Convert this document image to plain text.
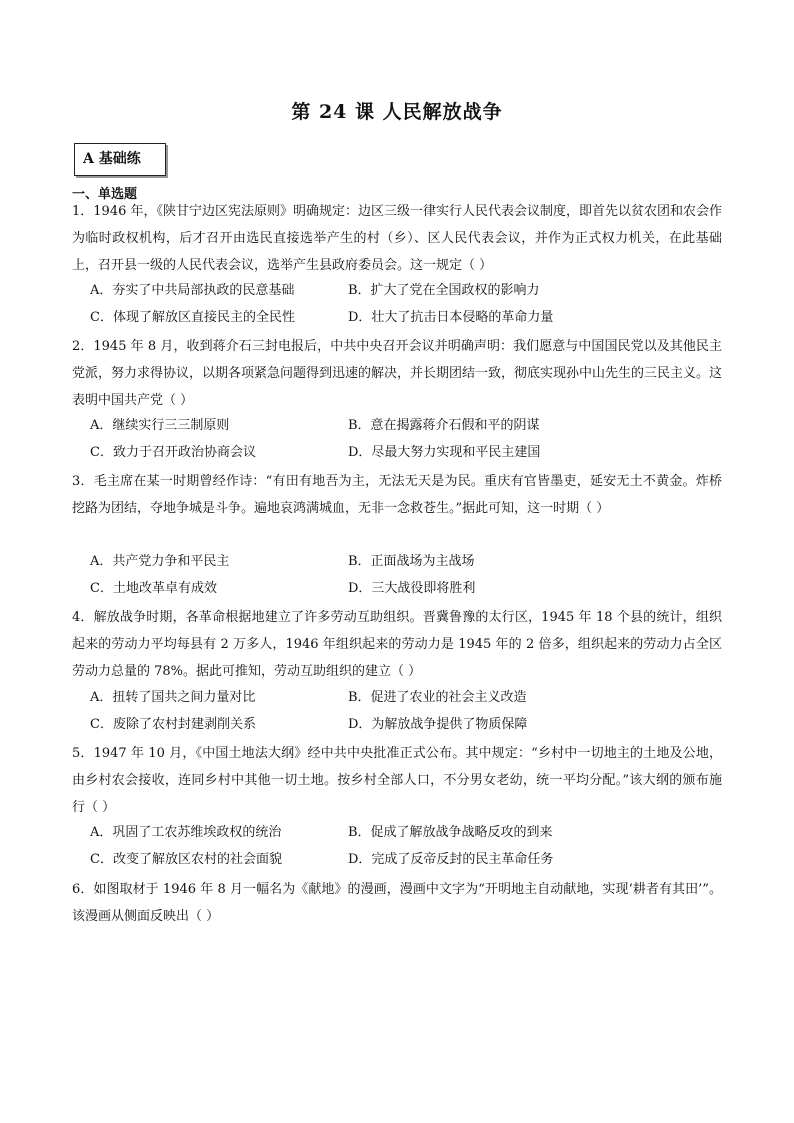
第 24 课 人民解放战争
A 基础练
一、单选题
1．1946 年，《陕甘宁边区宪法原则》明确规定：边区三级一律实行人民代表会议制度，即首先以贫农团和农会作为临时政权机构，后才召开由选民直接选举产生的村（乡）、区人民代表会议，并作为正式权力机关，在此基础上，召开县一级的人民代表会议，选举产生县政府委员会。这一规定（ ）
A．夯实了中共局部执政的民意基础	B．扩大了党在全国政权的影响力
C．体现了解放区直接民主的全民性	D．壮大了抗击日本侵略的革命力量
2．1945 年 8 月，收到蒋介石三封电报后，中共中央召开会议并明确声明：我们愿意与中国国民党以及其他民主党派，努力求得协议，以期各项紧急问题得到迅速的解决，并长期团结一致，彻底实现孙中山先生的三民主义。这表明中国共产党（ ）
A．继续实行三三制原则	B．意在揭露蒋介石假和平的阴谋
C．致力于召开政治协商会议	D．尽最大努力实现和平民主建国
3．毛主席在某一时期曾经作诗：“有田有地吾为主，无法无天是为民。重庆有官皆墨吏，延安无土不黄金。炸桥挖路为团结，夺地争城是斗争。遍地哀鸿满城血，无非一念救苍生。”据此可知，这一时期（ ）
A．共产党力争和平民主	B．正面战场为主战场
C．土地改革卓有成效	D．三大战役即将胜利
4．解放战争时期，各革命根据地建立了许多劳动互助组织。晋冀鲁豫的太行区，1945 年 18 个县的统计，组织起来的劳动力平均每县有 2 万多人，1946 年组织起来的劳动力是 1945 年的 2 倍多，组织起来的劳动力占全区劳动力总量的 78%。据此可推知，劳动互助组织的建立（ ）
A．扭转了国共之间力量对比	B．促进了农业的社会主义改造
C．废除了农村封建剥削关系	D．为解放战争提供了物质保障
5．1947 年 10 月，《中国土地法大纲》经中共中央批准正式公布。其中规定：“乡村中一切地主的土地及公地，由乡村农会接收，连同乡村中其他一切土地。按乡村全部人口，不分男女老幼，统一平均分配。”该大纲的颁布施行（ ）
A．巩固了工农苏维埃政权的统治	B．促成了解放战争战略反攻的到来
C．改变了解放区农村的社会面貌	D．完成了反帝反封的民主革命任务
6．如图取材于 1946 年 8 月一幅名为《献地》的漫画，漫画中文字为“开明地主自动献地，实现‘耕者有其田’”。该漫画从侧面反映出（ ）
